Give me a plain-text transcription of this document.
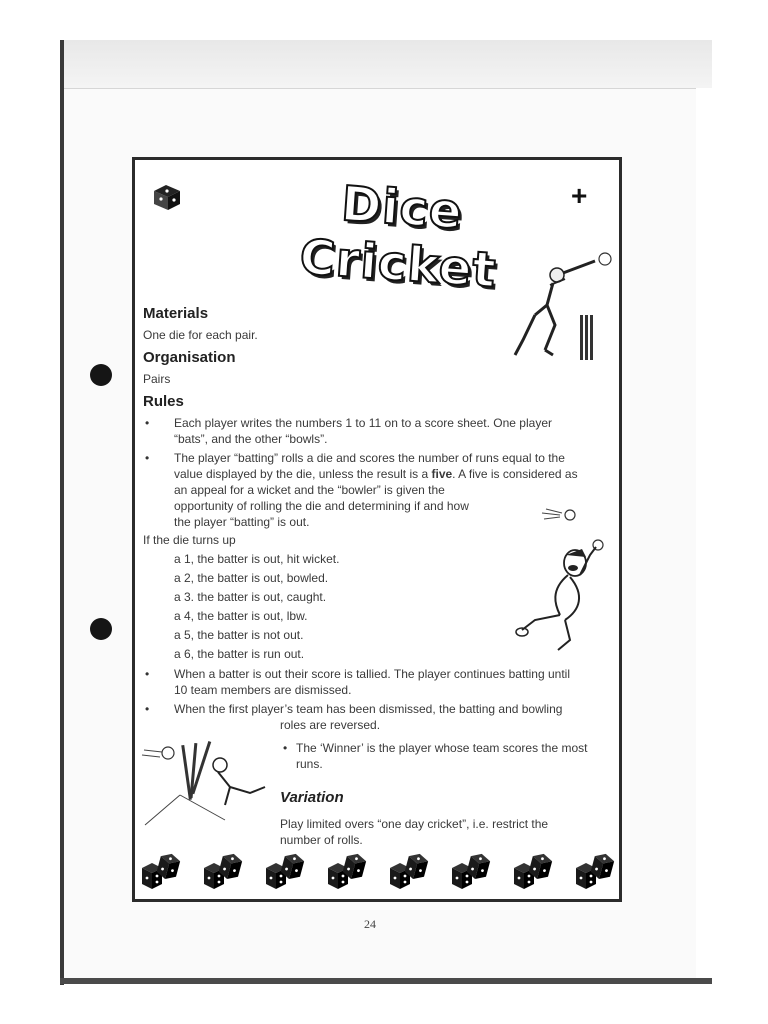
Dice Cricket
+
Materials
One die for each pair.
Organisation
Pairs
Rules
• Each player writes the numbers 1 to 11 on to a score sheet. One player
“bats”, and the other “bowls”.
• The player “batting” rolls a die and scores the number of runs equal to the
value displayed by the die, unless the result is a five. A five is considered as
an appeal for a wicket and the “bowler” is given the
opportunity of rolling the die and determining if and how
the player “batting” is out.
If the die turns up
a 1, the batter is out, hit wicket.
a 2, the batter is out, bowled.
a 3. the batter is out, caught.
a 4, the batter is out, lbw.
a 5, the batter is not out.
a 6, the batter is run out.
• When a batter is out their score is tallied. The player continues batting until
10 team members are dismissed.
• When the first player’s team has been dismissed, the batting and bowling
roles are reversed.
• The ‘Winner’ is the player whose team scores the most
runs.
Variation
Play limited overs “one day cricket”, i.e. restrict the
number of rolls.
24
